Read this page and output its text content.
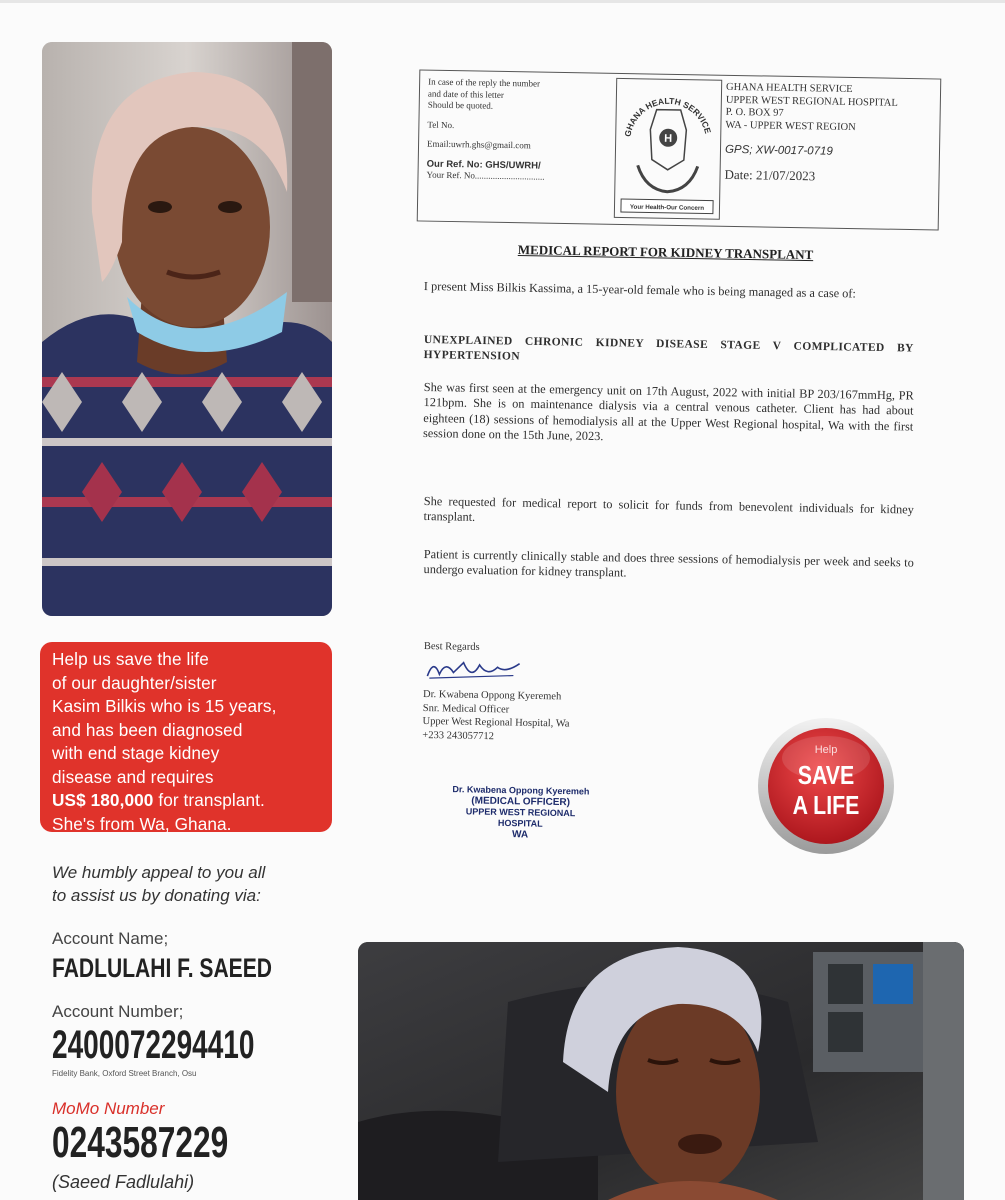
Help us save the life
of our daughter/sister
Kasim Bilkis who is 15 years,
and has been diagnosed
with end stage kidney
disease and requires
US$ 180,000 for transplant.
She's from Wa, Ghana.
We humbly appeal to you all
to assist us by donating via:
Account Name;
FADLULAHI F. SAEED
Account Number;
2400072294410
Fidelity Bank, Oxford Street Branch, Osu
MoMo Number
0243587229
(Saeed Fadlulahi)
In case of the reply the number
and date of this letter
Should be quoted.
Tel No.
Email:uwrh.ghs@gmail.com
Our Ref. No: GHS/UWRH/
Your Ref. No...............................
GHANA HEALTH SERVICE
H
Your Health-Our Concern
GHANA HEALTH SERVICE
UPPER WEST REGIONAL HOSPITAL
P. O. BOX 97
WA - UPPER WEST REGION
GPS; XW-0017-0719
Date: 21/07/2023
MEDICAL REPORT FOR KIDNEY TRANSPLANT
I present Miss Bilkis Kassima, a 15-year-old female who is being managed as a case of:
UNEXPLAINED CHRONIC KIDNEY DISEASE STAGE V COMPLICATED BY HYPERTENSION
She was first seen at the emergency unit on 17th August, 2022 with initial BP 203/167mmHg, PR 121bpm. She is on maintenance dialysis via a central venous catheter. Client has had about eighteen (18) sessions of hemodialysis all at the Upper West Regional hospital, Wa with the first session done on the 15th June, 2023.
She requested for medical report to solicit for funds from benevolent individuals for kidney transplant.
Patient is currently clinically stable and does three sessions of hemodialysis per week and seeks to undergo evaluation for kidney transplant.
Best Regards
Dr. Kwabena Oppong Kyeremeh
Snr. Medical Officer
Upper West Regional Hospital, Wa
+233 243057712
Dr. Kwabena Oppong Kyeremeh
(MEDICAL OFFICER)
UPPER WEST REGIONAL HOSPITAL
WA
Help
SAVE
A LIFE
